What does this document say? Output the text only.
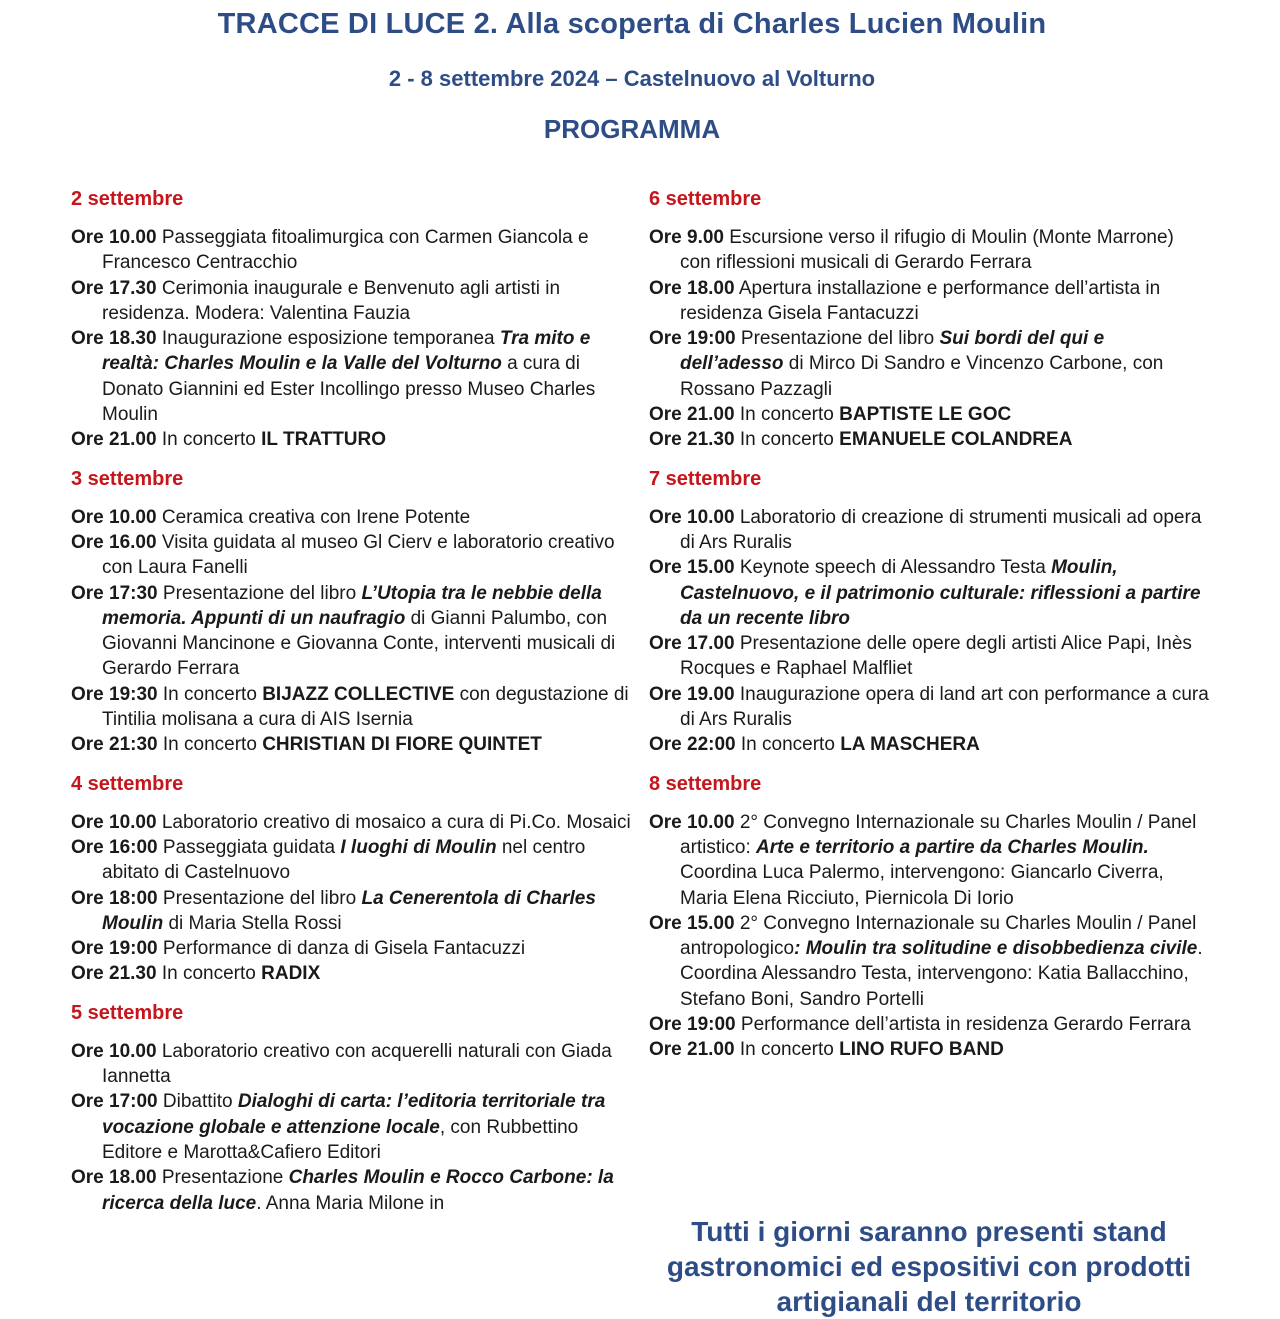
TRACCE DI LUCE 2. Alla scoperta di Charles Lucien Moulin
2 - 8 settembre 2024 – Castelnuovo al Volturno
PROGRAMMA
2 settembre

Ore 10.00 Passeggiata fitoalimurgica con Carmen Giancola e Francesco Centracchio

Ore 17.30 Cerimonia inaugurale e Benvenuto agli artisti in residenza. Modera: Valentina Fauzia

Ore 18.30 Inaugurazione esposizione temporanea Tra mito e realtà: Charles Moulin e la Valle del Volturno a cura di Donato Giannini ed Ester Incollingo presso Museo Charles Moulin

Ore 21.00 In concerto IL TRATTURO

3 settembre

Ore 10.00 Ceramica creativa con Irene Potente

Ore 16.00 Visita guidata al museo Gl Cierv e laboratorio creativo con Laura Fanelli

Ore 17:30 Presentazione del libro L’Utopia tra le nebbie della memoria. Appunti di un naufragio di Gianni Palumbo, con Giovanni Mancinone e Giovanna Conte, interventi musicali di Gerardo Ferrara

Ore 19:30 In concerto BIJAZZ COLLECTIVE con degustazione di Tintilia molisana a cura di AIS Isernia

Ore 21:30 In concerto CHRISTIAN DI FIORE QUINTET

4 settembre

Ore 10.00 Laboratorio creativo di mosaico a cura di Pi.Co. Mosaici

Ore 16:00 Passeggiata guidata I luoghi di Moulin nel centro abitato di Castelnuovo

Ore 18:00 Presentazione del libro La Cenerentola di Charles Moulin di Maria Stella Rossi

Ore 19:00 Performance di danza di Gisela Fantacuzzi

Ore 21.30 In concerto RADIX

5 settembre

Ore 10.00 Laboratorio creativo con acquerelli naturali con Giada Iannetta

Ore 17:00 Dibattito Dialoghi di carta: l’editoria territoriale tra vocazione globale e attenzione locale, con Rubbettino Editore e Marotta&Cafiero Editori

Ore 18.00 Presentazione Charles Moulin e Rocco Carbone: la ricerca della luce. Anna Maria Milone in

6 settembre

Ore 9.00 Escursione verso il rifugio di Moulin (Monte Marrone) con riflessioni musicali di Gerardo Ferrara

Ore 18.00 Apertura installazione e performance dell’artista in residenza Gisela Fantacuzzi

Ore 19:00 Presentazione del libro Sui bordi del qui e dell’adesso di Mirco Di Sandro e Vincenzo Carbone, con Rossano Pazzagli

Ore 21.00 In concerto BAPTISTE LE GOC

Ore 21.30 In concerto EMANUELE COLANDREA

7 settembre

Ore 10.00 Laboratorio di creazione di strumenti musicali ad opera di Ars Ruralis

Ore 15.00 Keynote speech di Alessandro Testa Moulin, Castelnuovo, e il patrimonio culturale: riflessioni a partire da un recente libro

Ore 17.00 Presentazione delle opere degli artisti Alice Papi, Inès Rocques e Raphael Malfliet

Ore 19.00 Inaugurazione opera di land art con performance a cura di Ars Ruralis

Ore 22:00 In concerto LA MASCHERA

8 settembre

Ore 10.00 2° Convegno Internazionale su Charles Moulin / Panel artistico: Arte e territorio a partire da Charles Moulin. Coordina Luca Palermo, intervengono: Giancarlo Civerra, Maria Elena Ricciuto, Piernicola Di Iorio

Ore 15.00 2° Convegno Internazionale su Charles Moulin / Panel antropologico: Moulin tra solitudine e disobbedienza civile. Coordina Alessandro Testa, intervengono: Katia Ballacchino, Stefano Boni, Sandro Portelli

Ore 19:00 Performance dell’artista in residenza Gerardo Ferrara

Ore 21.00 In concerto LINO RUFO BAND

Tutti i giorni saranno presenti stand gastronomici ed espositivi con prodotti artigianali del territorio
